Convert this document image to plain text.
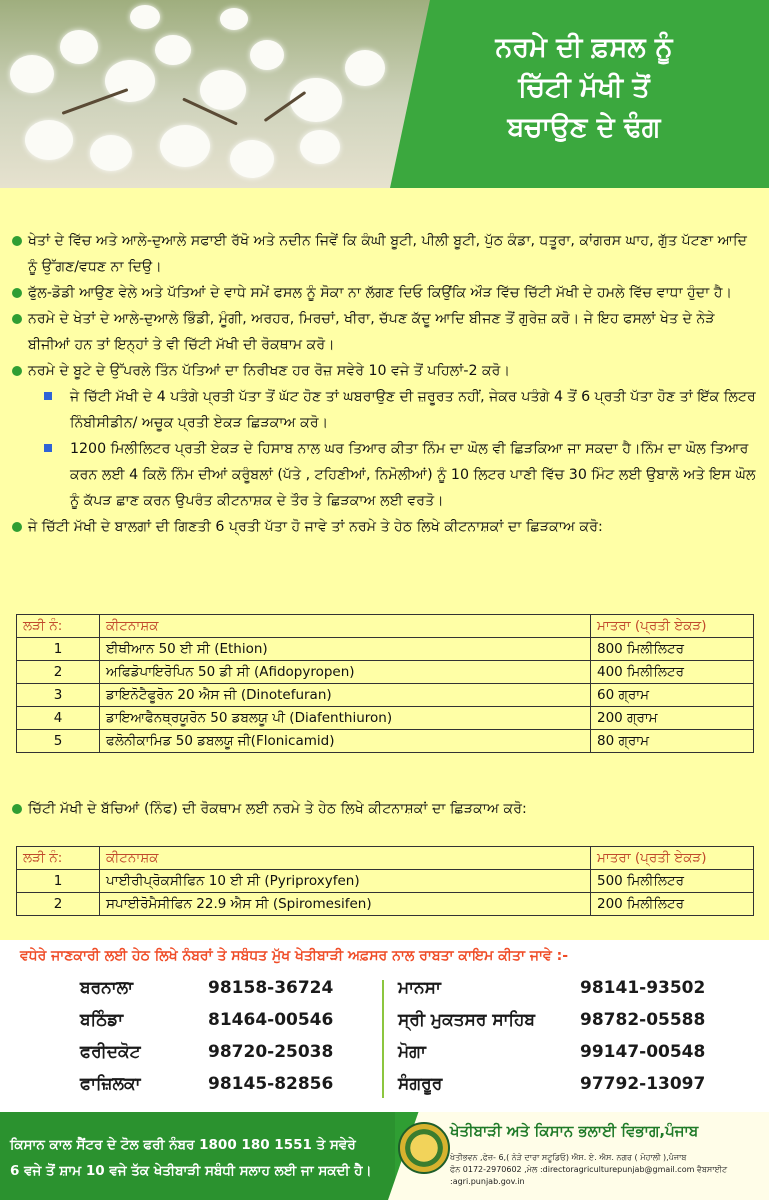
ਨਰਮੇ ਦੀ ਫ਼ਸਲ ਨੂੰ
ਚਿੱਟੀ ਮੱਖੀ ਤੋਂ
ਬਚਾਉਣ ਦੇ ਢੰਗ

ਖੇਤਾਂ ਦੇ ਵਿੱਚ ਅਤੇ ਆਲੇ-ਦੁਆਲੇ ਸਫਾਈ ਰੱਖੋ ਅਤੇ ਨਦੀਨ ਜਿਵੇਂ ਕਿ ਕੰਘੀ ਬੂਟੀ, ਪੀਲੀ ਬੂਟੀ, ਪੁੱਠ ਕੰਡਾ, ਧਤੂਰਾ, ਕਾਂਗਰਸ ਘਾਹ, ਗੁੱਤ ਪੱਟਣਾ ਆਦਿ ਨੂੰ ਉੱਗਣ/ਵਧਣ ਨਾ ਦਿਉ।

ਫੁੱਲ-ਡੋਡੀ ਆਉਣ ਵੇਲੇ ਅਤੇ ਪੱਤਿਆਂ ਦੇ ਵਾਧੇ ਸਮੇਂ ਫਸਲ ਨੂੰ ਸੋਕਾ ਨਾ ਲੱਗਣ ਦਿਓ ਕਿਉਂਕਿ ਔੜ ਵਿੱਚ ਚਿੱਟੀ ਮੱਖੀ ਦੇ ਹਮਲੇ ਵਿੱਚ ਵਾਧਾ ਹੁੰਦਾ ਹੈ।

ਨਰਮੇ ਦੇ ਖੇਤਾਂ ਦੇ ਆਲੇ-ਦੁਆਲੇ ਭਿੰਡੀ, ਮੂੰਗੀ, ਅਰਹਰ, ਮਿਰਚਾਂ, ਖੀਰਾ, ਚੱਪਣ ਕੱਦੂ ਆਦਿ ਬੀਜਣ ਤੋਂ ਗੁਰੇਜ਼ ਕਰੋ। ਜੇ ਇਹ ਫਸਲਾਂ ਖੇਤ ਦੇ ਨੇੜੇ ਬੀਜੀਆਂ ਹਨ ਤਾਂ ਇਨ੍ਹਾਂ ਤੇ ਵੀ ਚਿੱਟੀ ਮੱਖੀ ਦੀ ਰੋਕਥਾਮ ਕਰੋ।

ਨਰਮੇ ਦੇ ਬੂਟੇ ਦੇ ਉੱਪਰਲੇ ਤਿੰਨ ਪੱਤਿਆਂ ਦਾ ਨਿਰੀਖਣ ਹਰ ਰੋਜ਼ ਸਵੇਰੇ 10 ਵਜੇ ਤੋਂ ਪਹਿਲਾਂ-2 ਕਰੋ।

ਜੇ ਚਿੱਟੀ ਮੱਖੀ ਦੇ 4 ਪਤੰਗੇ ਪ੍ਰਤੀ ਪੱਤਾ ਤੋਂ ਘੱਟ ਹੋਣ ਤਾਂ ਘਬਰਾਉਣ ਦੀ ਜ਼ਰੂਰਤ ਨਹੀਂ, ਜੇਕਰ ਪਤੰਗੇ 4 ਤੋਂ 6 ਪ੍ਰਤੀ ਪੱਤਾ ਹੋਣ ਤਾਂ ਇੱਕ ਲਿਟਰ ਨਿੰਬੀਸੀਡੀਨ/ ਅਚੂਕ ਪ੍ਰਤੀ ਏਕੜ ਛਿੜਕਾਅ ਕਰੋ।

1200 ਮਿਲੀਲਿਟਰ ਪ੍ਰਤੀ ਏਕੜ ਦੇ ਹਿਸਾਬ ਨਾਲ ਘਰ ਤਿਆਰ ਕੀਤਾ ਨਿੰਮ ਦਾ ਘੋਲ ਵੀ ਛਿੜਕਿਆ ਜਾ ਸਕਦਾ ਹੈ।ਨਿੰਮ ਦਾ ਘੋਲ ਤਿਆਰ ਕਰਨ ਲਈ 4 ਕਿਲੋ ਨਿੰਮ ਦੀਆਂ ਕਰੂੰਬਲਾਂ (ਪੱਤੇ , ਟਹਿਣੀਆਂ, ਨਿਮੋਲੀਆਂ) ਨੂੰ 10 ਲਿਟਰ ਪਾਣੀ ਵਿੱਚ 30 ਮਿੰਟ ਲਈ ਉਬਾਲੋ ਅਤੇ ਇਸ ਘੋਲ ਨੂੰ ਕੱਪੜ ਛਾਣ ਕਰਨ ਉਪਰੰਤ ਕੀਟਨਾਸ਼ਕ ਦੇ ਤੌਰ ਤੇ ਛਿੜਕਾਅ ਲਈ ਵਰਤੋ।

ਜੇ ਚਿੱਟੀ ਮੱਖੀ ਦੇ ਬਾਲਗਾਂ ਦੀ ਗਿਣਤੀ 6 ਪ੍ਰਤੀ ਪੱਤਾ ਹੋ ਜਾਵੇ ਤਾਂ ਨਰਮੇ ਤੇ ਹੇਠ ਲਿਖੇ ਕੀਟਨਾਸ਼ਕਾਂ ਦਾ ਛਿੜਕਾਅ ਕਰੋ:

ਲੜੀ ਨੰ:	ਕੀਟਨਾਸ਼ਕ	ਮਾਤਰਾ (ਪ੍ਰਤੀ ਏਕੜ)
1	ਈਥੀਆਨ 50 ਈ ਸੀ (Ethion)	800 ਮਿਲੀਲਿਟਰ
2	ਅਫਿਡੋਪਾਇਰੋਪਿਨ 50 ਡੀ ਸੀ (Afidopyropen)	400 ਮਿਲੀਲਿਟਰ
3	ਡਾਇਨੋਟੈਫੂਰੋਨ 20 ਐਸ ਜੀ (Dinotefuran)	60 ਗ੍ਰਾਮ
4	ਡਾਇਆਫੈਨਥ੍ਰਯੂਰੋਨ 50 ਡਬਲਯੂ ਪੀ (Diafenthiuron)	200 ਗ੍ਰਾਮ
5	ਫਲੋਨੀਕਾਮਿਡ 50 ਡਬਲਯੂ ਜੀ(Flonicamid)	80 ਗ੍ਰਾਮ

ਚਿੱਟੀ ਮੱਖੀ ਦੇ ਬੱਚਿਆਂ (ਨਿੰਫ) ਦੀ ਰੋਕਥਾਮ ਲਈ ਨਰਮੇ ਤੇ ਹੇਠ ਲਿਖੇ ਕੀਟਨਾਸ਼ਕਾਂ ਦਾ ਛਿੜਕਾਅ ਕਰੋ:

ਲੜੀ ਨੰ:	ਕੀਟਨਾਸ਼ਕ	ਮਾਤਰਾ (ਪ੍ਰਤੀ ਏਕੜ)
1	ਪਾਈਰੀਪ੍ਰੋਕਸੀਫਿਨ 10 ਈ ਸੀ (Pyriproxyfen)	500 ਮਿਲੀਲਿਟਰ
2	ਸਪਾਈਰੋਮੈਸੀਫਿਨ 22.9 ਐਸ ਸੀ (Spiromesifen)	200 ਮਿਲੀਲਿਟਰ
ਵਧੇਰੇ ਜਾਣਕਾਰੀ ਲਈ ਹੇਠ ਲਿਖੇ ਨੰਬਰਾਂ ਤੇ ਸਬੰਧਤ ਮੁੱਖ ਖੇਤੀਬਾੜੀ ਅਫ਼ਸਰ ਨਾਲ ਰਾਬਤਾ ਕਾਇਮ ਕੀਤਾ ਜਾਵੇ :-
ਬਰਨਾਲਾ	98158-36724
ਬਠਿੰਡਾ	81464-00546
ਫਰੀਦਕੋਟ	98720-25038
ਫਾਜ਼ਿਲਕਾ	98145-82856
ਮਾਨਸਾ	98141-93502
ਸ੍ਰੀ ਮੁਕਤਸਰ ਸਾਹਿਬ	98782-05588
ਮੋਗਾ	99147-00548
ਸੰਗਰੂਰ	97792-13097
ਕਿਸਾਨ ਕਾਲ ਸੈਂਟਰ ਦੇ ਟੋਲ ਫਰੀ ਨੰਬਰ 1800 180 1551 ਤੇ ਸਵੇਰੇ
6 ਵਜੇ ਤੋਂ ਸ਼ਾਮ 10 ਵਜੇ ਤੱਕ ਖੇਤੀਬਾੜੀ ਸਬੰਧੀ ਸਲਾਹ ਲਈ ਜਾ ਸਕਦੀ ਹੈ।
ਖੇਤੀਬਾੜੀ ਅਤੇ ਕਿਸਾਨ ਭਲਾਈ ਵਿਭਾਗ,ਪੰਜਾਬ
ਖੇਤੀਭਵਨ ,ਫੇਜ਼- 6,( ਨੇੜੇ ਦਾਰਾ ਸਟੂਡਿਓ) ਐਸ. ਏ. ਐਸ. ਨਗਰ ( ਮੋਹਾਲੀ ),ਪੰਜਾਬ
ਫੋਨ 0172-2970602 ,ਮੇਲ :directoragriculturepunjab@gmail.com ਵੈਬਸਾਈਟ :agri.punjab.gov.in
